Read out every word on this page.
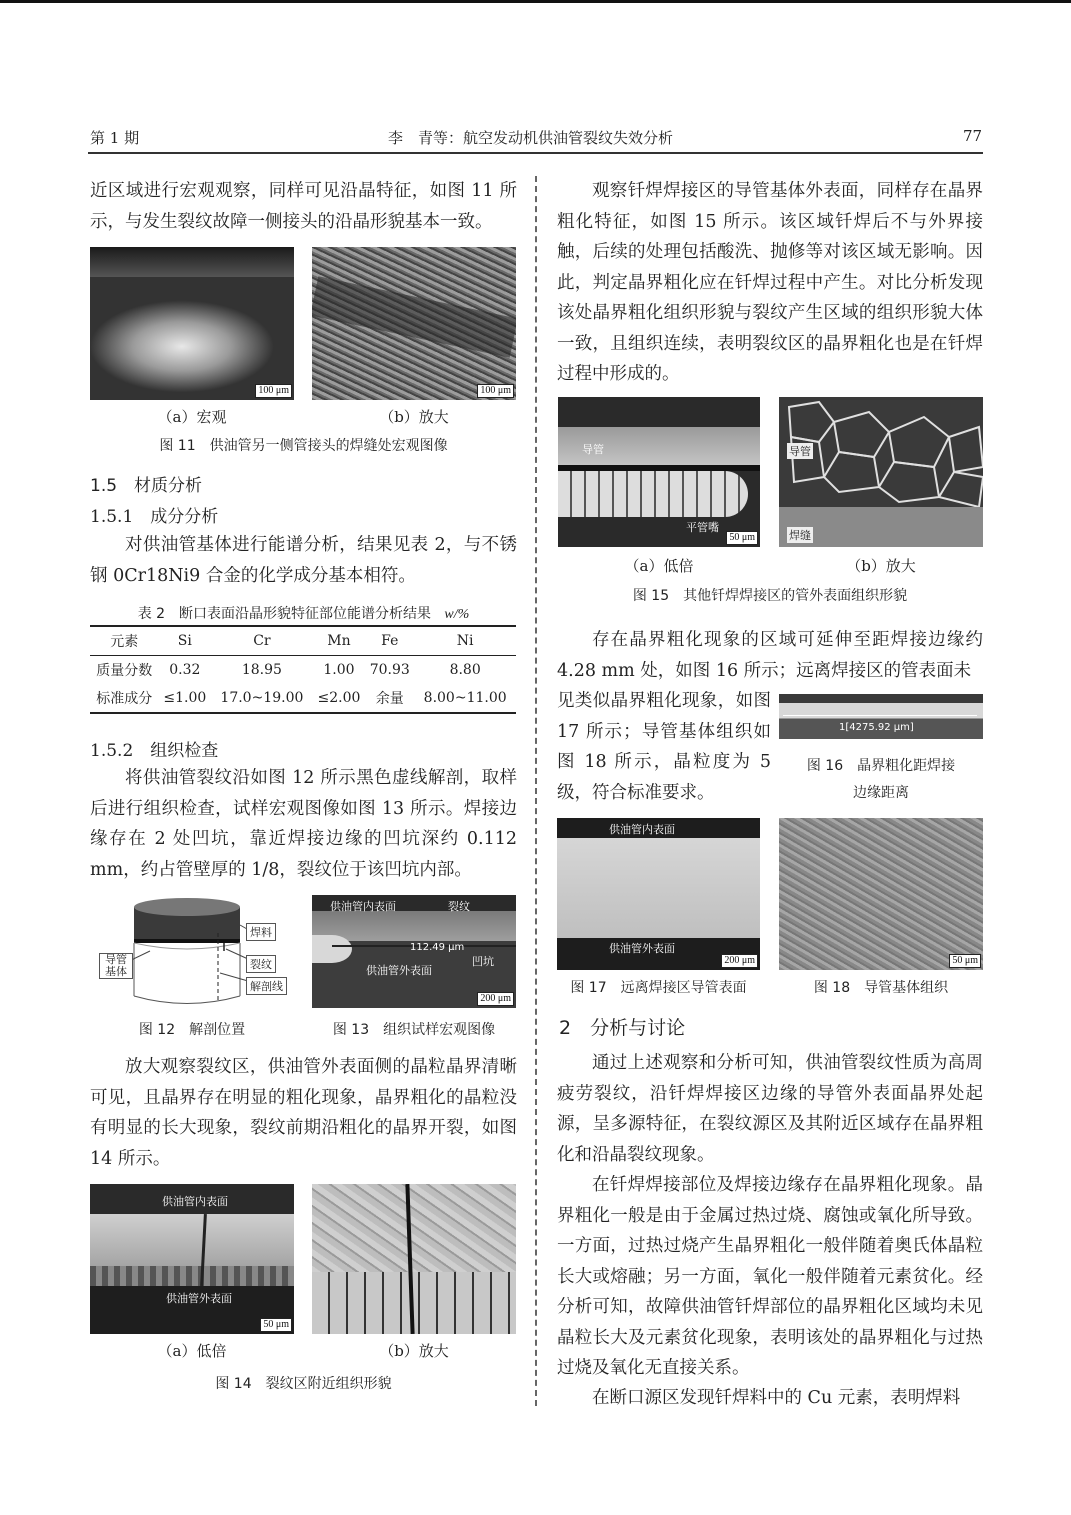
第 1 期	李　青等：航空发动机供油管裂纹失效分析	77
近区域进行宏观观察，同样可见沿晶特征，如图 11 所示，与发生裂纹故障一侧接头的沿晶形貌基本一致。
100 μm	100 μm
（a）宏观	（b）放大
图 11　供油管另一侧管接头的焊缝处宏观图像
1.5　材质分析
1.5.1　成分分析
对供油管基体进行能谱分析，结果见表 2，与不锈钢 0Cr18Ni9 合金的化学成分基本相符。
表 2　断口表面沿晶形貌特征部位能谱分析结果 w/%
元素	Si	Cr	Mn	Fe	Ni
质量分数	0.32	18.95	1.00	70.93	8.80
标准成分	≤1.00	17.0~19.00	≤2.00	余量	8.00~11.00
1.5.2　组织检查
将供油管裂纹沿如图 12 所示黑色虚线解剖，取样后进行组织检查，试样宏观图像如图 13 所示。焊接边缘存在 2 处凹坑，靠近焊接边缘的凹坑深约 0.112 mm，约占管壁厚的 1/8，裂纹位于该凹坑内部。
焊料
导管
基体
裂纹
解剖线
供油管内表面	裂纹
112.49 μm
凹坑
供油管外表面
200 μm
图 12　解剖位置	图 13　组织试样宏观图像
放大观察裂纹区，供油管外表面侧的晶粒晶界清晰可见，且晶界存在明显的粗化现象，晶界粗化的晶粒没有明显的长大现象，裂纹前期沿粗化的晶界开裂，如图 14 所示。
供油管内表面
供油管外表面
50 μm
（a）低倍	（b）放大
图 14　裂纹区附近组织形貌
观察钎焊焊接区的导管基体外表面，同样存在晶界粗化特征，如图 15 所示。该区域钎焊后不与外界接触，后续的处理包括酸洗、抛修等对该区域无影响。因此，判定晶界粗化应在钎焊过程中产生。对比分析发现该处晶界粗化组织形貌与裂纹产生区域的组织形貌大体一致，且组织连续，表明裂纹区的晶界粗化也是在钎焊过程中形成的。
导管
平管嘴
50 μm
导管
焊缝
（a）低倍	（b）放大
图 15　其他钎焊焊接区的管外表面组织形貌
存在晶界粗化现象的区域可延伸至距焊接边缘约 4.28 mm 处，如图 16 所示；远离焊接区的管表面未
见类似晶界粗化现象，如图 17 所示；导管基体组织如图 18 所示，晶粒度为 5 级，符合标准要求。
1[4275.92 μm]
图 16　晶界粗化距焊接
边缘距离
供油管内表面
供油管外表面
200 μm	50 μm
图 17　远离焊接区导管表面	图 18　导管基体组织
2　分析与讨论
通过上述观察和分析可知，供油管裂纹性质为高周疲劳裂纹，沿钎焊焊接区边缘的导管外表面晶界处起源，呈多源特征，在裂纹源区及其附近区域存在晶界粗化和沿晶裂纹现象。
在钎焊焊接部位及焊接边缘存在晶界粗化现象。晶界粗化一般是由于金属过热过烧、腐蚀或氧化所导致。一方面，过热过烧产生晶界粗化一般伴随着奥氏体晶粒长大或熔融；另一方面，氧化一般伴随着元素贫化。经分析可知，故障供油管钎焊部位的晶界粗化区域均未见晶粒长大及元素贫化现象，表明该处的晶界粗化与过热过烧及氧化无直接关系。
在断口源区发现钎焊料中的 Cu 元素，表明焊料
